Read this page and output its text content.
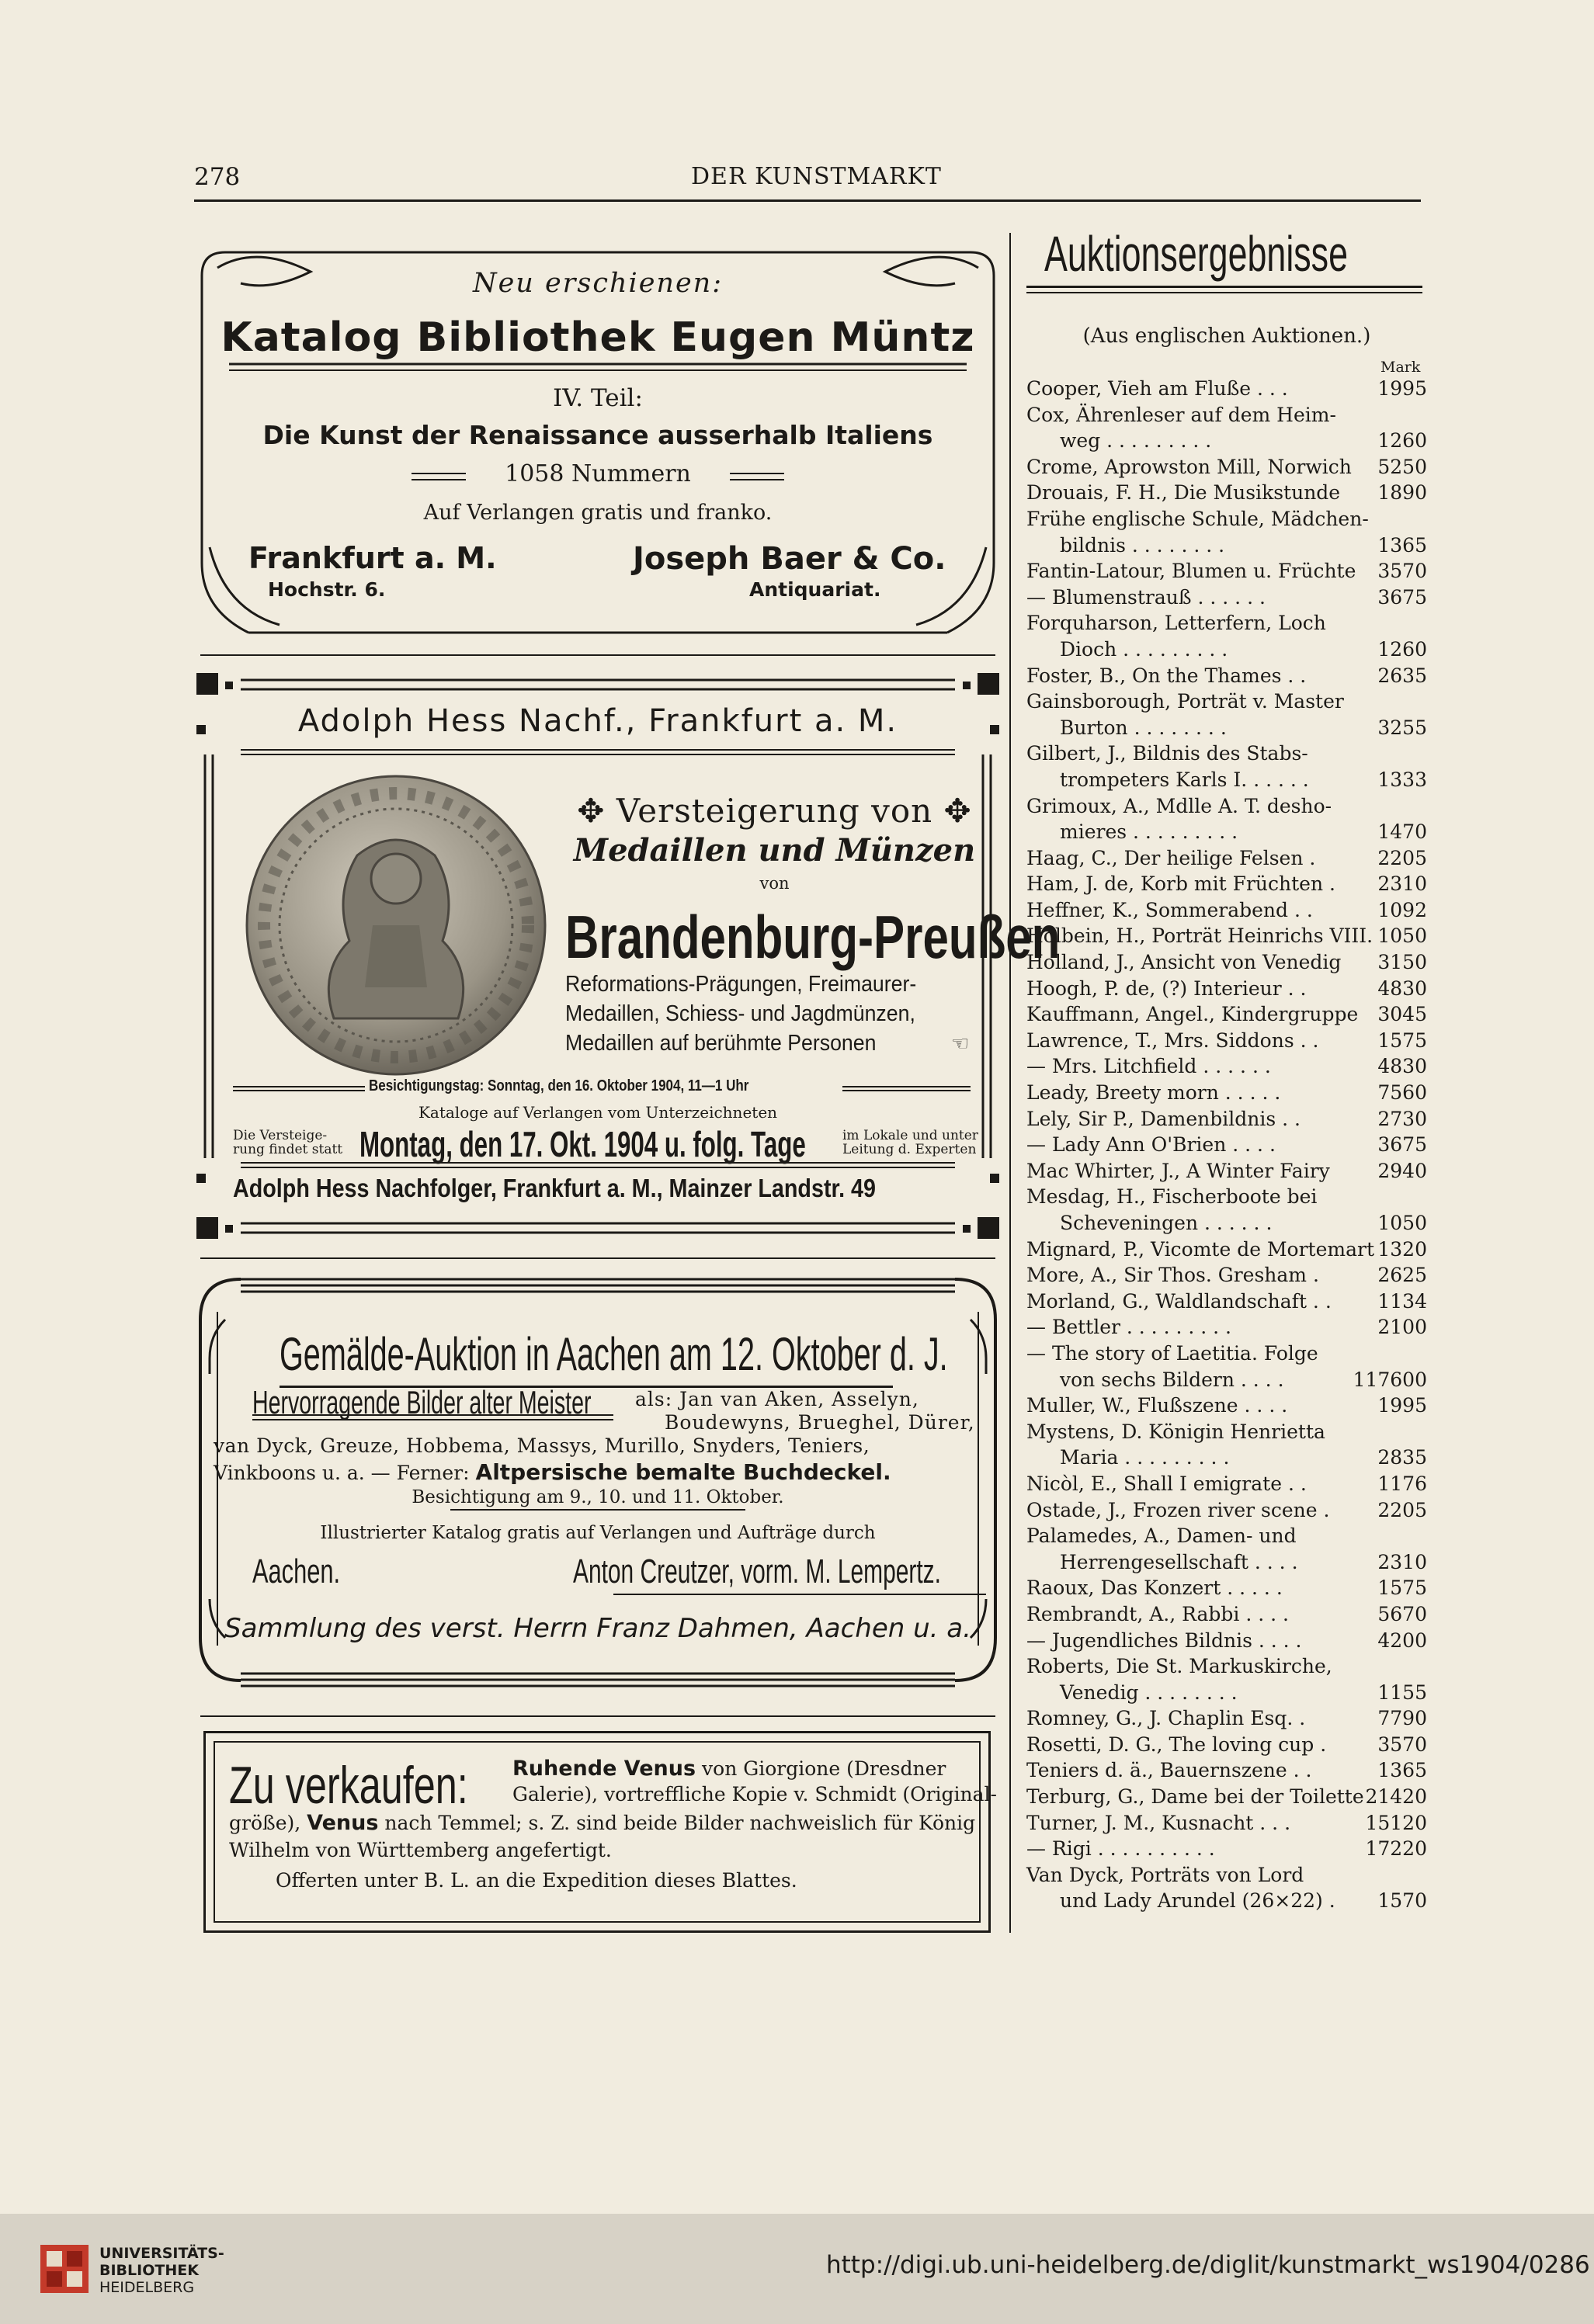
278	DER KUNSTMARKT
Neu erschienen:
Katalog Bibliothek Eugen Müntz
IV. Teil:
Die Kunst der Renaissance ausserhalb Italiens
1058 Nummern
Auf Verlangen gratis und franko.
Frankfurt a. M.
Hochstr. 6.
Joseph Baer & Co.
Antiquariat.
Adolph Hess Nachf., Frankfurt a. M.
✥ Versteigerung von ✥
Medaillen und Münzen
von
Brandenburg-Preußen
Reformations-Prägungen, Freimaurer-
Medaillen, Schiess- und Jagdmünzen,
Medaillen auf berühmte Personen	☜
Besichtigungstag: Sonntag, den 16. Oktober 1904, 11—1 Uhr
Kataloge auf Verlangen vom Unterzeichneten
Die Versteige-
rung findet statt Montag, den 17. Okt. 1904 u. folg. Tage	im Lokale und unter
Leitung d. Experten
Adolph Hess Nachfolger, Frankfurt a. M., Mainzer Landstr. 49
Gemälde-Auktion in Aachen am 12. Oktober d. J.
Hervorragende Bilder alter Meister als: Jan van Aken, Asselyn,
Boudewyns, Brueghel, Dürer,
van Dyck, Greuze, Hobbema, Massys, Murillo, Snyders, Teniers,
Vinkboons u. a. — Ferner: Altpersische bemalte Buchdeckel.
Besichtigung am 9., 10. und 11. Oktober.
Illustrierter Katalog gratis auf Verlangen und Aufträge durch
Aachen.	Anton Creutzer, vorm. M. Lempertz.
Sammlung des verst. Herrn Franz Dahmen, Aachen u. a.
Zu verkaufen: Ruhende Venus von Giorgione (Dresdner
Galerie), vortreffliche Kopie v. Schmidt (Original-
größe), Venus nach Temmel; s. Z. sind beide Bilder nachweislich für König
Wilhelm von Württemberg angefertigt.
Offerten unter B. L. an die Expedition dieses Blattes.
Auktionsergebnisse
(Aus englischen Auktionen.)
Mark
Cooper, Vieh am Fluße . . .	1995
Cox, Ährenleser auf dem Heim-
weg . . . . . . . . .	1260
Crome, Aprowston Mill, Norwich 5250
Drouais, F. H., Die Musikstunde 1890
Frühe englische Schule, Mädchen-
bildnis . . . . . . . .	1365
Fantin-Latour, Blumen u. Früchte 3570
— Blumenstrauß . . . . . .	3675
Forquharson, Letterfern, Loch
Dioch . . . . . . . . .	1260
Foster, B., On the Thames . .	2635
Gainsborough, Porträt v. Master
Burton . . . . . . . .	3255
Gilbert, J., Bildnis des Stabs-
trompeters Karls I. . . . . .	1333
Grimoux, A., Mdlle A. T. desho-
mieres . . . . . . . . .	1470
Haag, C., Der heilige Felsen .	2205
Ham, J. de, Korb mit Früchten . 2310
Heffner, K., Sommerabend . .	1092
Holbein, H., Porträt Heinrichs VIII. 1050
Holland, J., Ansicht von Venedig 3150
Hoogh, P. de, (?) Interieur . .	4830
Kauffmann, Angel., Kindergruppe 3045
Lawrence, T., Mrs. Siddons . .	1575
— Mrs. Litchfield . . . . . .	4830
Leady, Breety morn . . . . .	7560
Lely, Sir P., Damenbildnis . .	2730
— Lady Ann O'Brien . . . .	3675
Mac Whirter, J., A Winter Fairy 2940
Mesdag, H., Fischerboote bei
Scheveningen . . . . . .	1050
Mignard, P., Vicomte de Mortemart 1320
More, A., Sir Thos. Gresham .	2625
Morland, G., Waldlandschaft . . 1134
— Bettler . . . . . . . . .	2100
— The story of Laetitia. Folge
von sechs Bildern . . . .	117600
Muller, W., Flußszene . . . .	1995
Mystens, D. Königin Henrietta
Maria . . . . . . . . .	2835
Nicòl, E., Shall I emigrate . .	1176
Ostade, J., Frozen river scene . 2205
Palamedes, A., Damen- und
Herrengesellschaft . . . .	2310
Raoux, Das Konzert . . . . .	1575
Rembrandt, A., Rabbi . . . .	5670
— Jugendliches Bildnis . . . .	4200
Roberts, Die St. Markuskirche,
Venedig . . . . . . . .	1155
Romney, G., J. Chaplin Esq. .	7790
Rosetti, D. G., The loving cup .	3570
Teniers d. ä., Bauernszene . .	1365
Terburg, G., Dame bei der Toilette 21420
Turner, J. M., Kusnacht . . .	15120
— Rigi . . . . . . . . . .	17220
Van Dyck, Porträts von Lord
und Lady Arundel (26×22) . 1570
UNIVERSITÄTS-
BIBLIOTHEK
HEIDELBERG
http://digi.ub.uni-heidelberg.de/diglit/kunstmarkt_ws1904/0286
